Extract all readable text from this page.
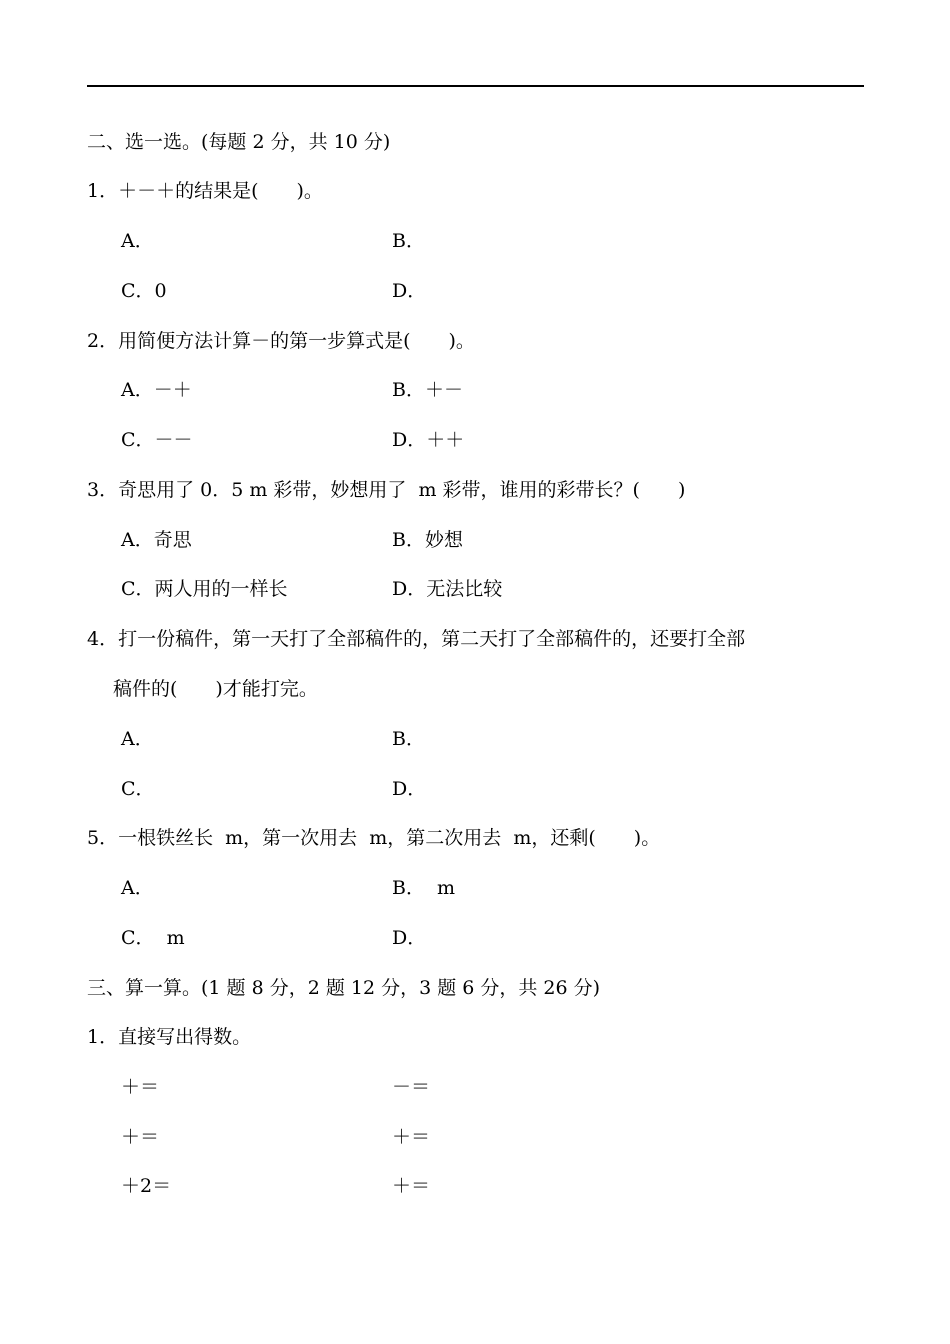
二、选一选。(每题 2 分，共 10 分)
1．＋－＋的结果是(　　)。
A．	B．
C．0	D．
2．用简便方法计算－的第一步算式是(　　)。
A．－＋	B．＋－
C．－－	D．＋＋
3．奇思用了 0．5 m 彩带，妙想用了  m 彩带，谁用的彩带长？(　　)
A．奇思	B．妙想
C．两人用的一样长	D．无法比较
4．打一份稿件，第一天打了全部稿件的，第二天打了全部稿件的，还要打全部
稿件的(　　)才能打完。
A．	B．
C．	D．
5．一根铁丝长  m，第一次用去  m，第二次用去  m，还剩(　　)。
A．	B．  m
C．  m	D．
三、算一算。(1 题 8 分，2 题 12 分，3 题 6 分，共 26 分)
1．直接写出得数。
＋＝	－＝
＋＝	＋＝
＋2＝	＋＝
